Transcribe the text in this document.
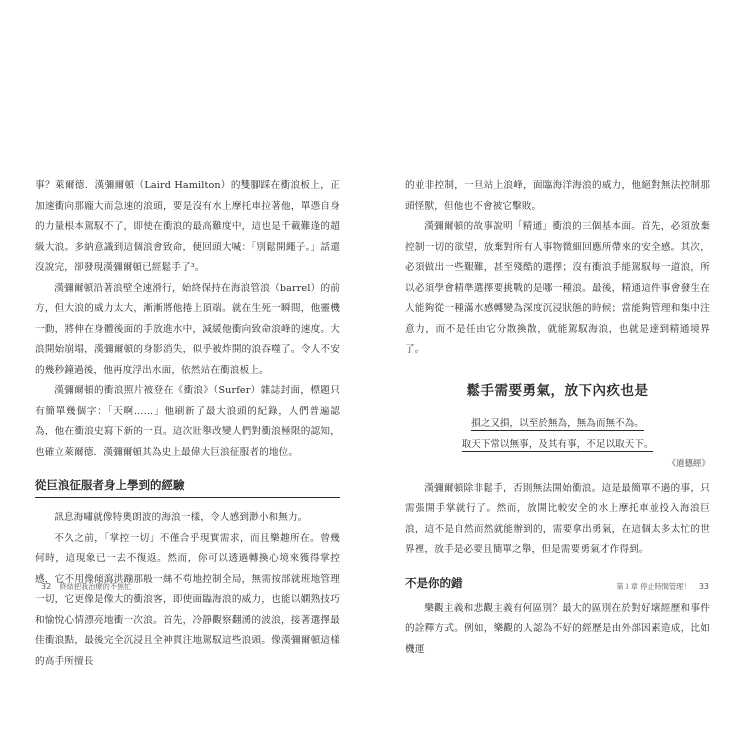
事？萊爾德．漢彌爾頓（Laird Hamilton）的雙腳踩在衝浪板上，正加速衝向那龐大而急速的浪頭，要是沒有水上摩托車拉著他，單憑自身的力量根本駕馭不了，即使在衝浪的最高難度中，這也是千載難逢的超級大浪。多納意識到這個浪會致命，便回頭大喊：「別鬆開繩子。」話還沒說完，卻發現漢彌爾頓已經鬆手了³。

漢彌爾頓沿著浪壁全速滑行，始終保持在海浪管浪（barrel）的前方，但大浪的威力太大，漸漸將他捲上頂端。就在生死一瞬間，他靈機一動，將伸在身體後面的手放進水中，減緩他衝向致命浪峰的速度。大浪開始崩塌，漢彌爾頓的身影消失，似乎被炸開的浪吞噬了。令人不安的幾秒鐘過後，他再度浮出水面，依然站在衝浪板上。

漢彌爾頓的衝浪照片被登在《衝浪》（Surfer）雜誌封面，標題只有簡單幾個字：「天啊……」他刷新了最大浪頭的紀錄，人們普遍認為，他在衝浪史寫下新的一頁。這次壯舉改變人們對衝浪極限的認知，也確立萊爾德．漢彌爾頓其為史上最偉大巨浪征服者的地位。

從巨浪征服者身上學到的經驗

訊息海嘯就像特奧朗波的海浪一樣，令人感到渺小和無力。

不久之前，「掌控一切」不僅合乎現實需求，而且樂趣所在。曾幾何時，這現象已一去不復返。然而，你可以透過轉換心境來獲得掌控感，它不用像傾瀉洪蹦那般一絲不苟地控制全局，無需按部就班地管理一切，它更像是像大的衝浪客，即使面臨海浪的威力，也能以嫻熟技巧和愉悅心情漂亮地衝一次浪。首先，冷靜觀察翻湧的波浪，接著選擇最佳衝浪點，最後完全沉浸且全神貫注地駕馭這些浪頭。像漢彌爾頓這樣的高手所擅長

32 終結把我治療的不焦忙

的並非控制，一旦站上浪峰，面臨海洋海浪的威力，他絕對無法控制那頭怪獸，但他也不會被它擊敗。

漢彌爾頓的故事說明「精通」衝浪的三個基本面。首先，必須放棄控制一切的欲望，放棄對所有人事物微細回應所帶來的安全感。其次，必須做出一些艱難，甚至殘酷的選擇；沒有衝浪手能駕馭每一道浪，所以必須學會精準選擇要挑戰的是哪一種浪。最後，精通這件事會發生在人能夠從一種滿水感轉變為深度沉浸狀態的時候；當能夠管理和集中注意力，而不是任由它分散換散，就能駕馭海浪，也就是達到精通境界了。

鬆手需要勇氣，放下內疚也是
損之又損，以至於無為，無為而無不為。
取天下常以無事，及其有事，不足以取天下。
《道德經》

漢彌爾頓除非鬆手，否則無法開始衝浪。這是最簡單不過的事，只需張開手掌就行了。然而，放開比較安全的水上摩托車並投入海浪巨浪，這不是自然而然就能辦到的，需要拿出勇氣，在這個太多太忙的世界裡，放手是必要且簡單之舉，但是需要勇氣才作得到。

不是你的錯

樂觀主義和悲觀主義有何區別？最大的區別在於對好壞經歷和事件的詮釋方式。例如，樂觀的人認為不好的經歷是由外部因素造成，比如機運

第１章 停止時間管理！ 33
